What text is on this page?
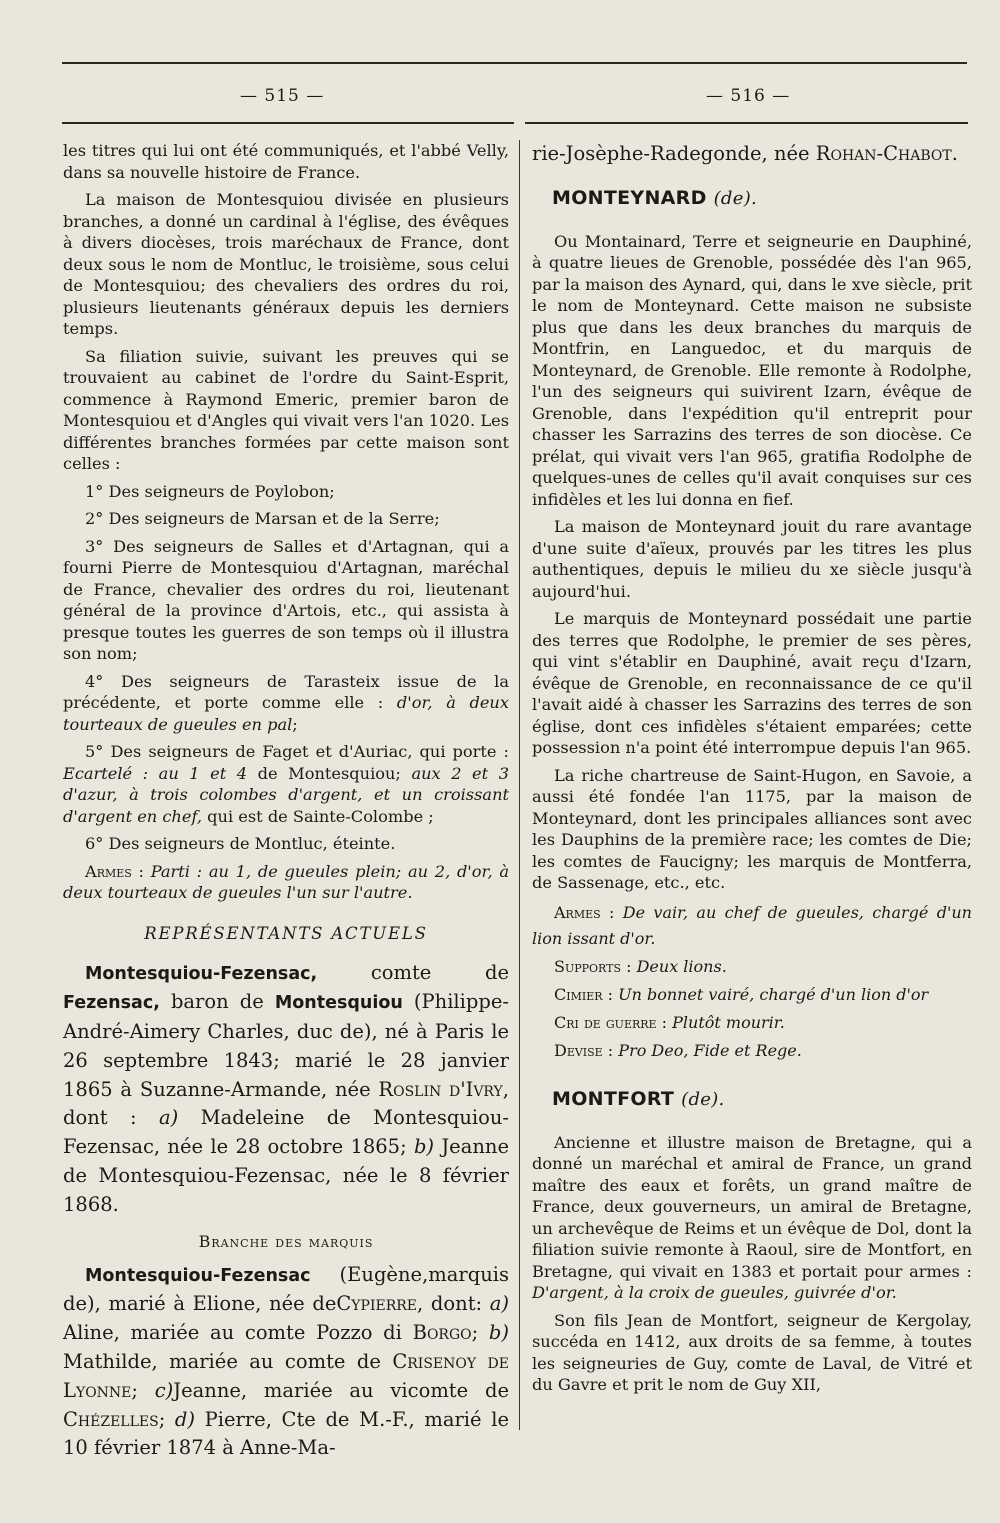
— 515 —	— 516 —

les titres qui lui ont été communiqués, et l'abbé Velly, dans sa nouvelle histoire de France.

La maison de Montesquiou divisée en plusieurs branches, a donné un cardinal à l'église, des évêques à divers diocèses, trois maréchaux de France, dont deux sous le nom de Montluc, le troisième, sous celui de Montesquiou; des chevaliers des ordres du roi, plusieurs lieutenants généraux depuis les derniers temps.

Sa filiation suivie, suivant les preuves qui se trouvaient au cabinet de l'ordre du Saint-Esprit, commence à Raymond Emeric, premier baron de Montesquiou et d'Angles qui vivait vers l'an 1020. Les différentes branches formées par cette maison sont celles :

1° Des seigneurs de Poylobon;

2° Des seigneurs de Marsan et de la Serre;

3° Des seigneurs de Salles et d'Artagnan, qui a fourni Pierre de Montesquiou d'Artagnan, maréchal de France, chevalier des ordres du roi, lieutenant général de la province d'Artois, etc., qui assista à presque toutes les guerres de son temps où il illustra son nom;

4° Des seigneurs de Tarasteix issue de la précédente, et porte comme elle : d'or, à deux tourteaux de gueules en pal;

5° Des seigneurs de Faget et d'Auriac, qui porte : Ecartelé : au 1 et 4 de Montesquiou; aux 2 et 3 d'azur, à trois colombes d'argent, et un croissant d'argent en chef, qui est de Sainte-Colombe ;

6° Des seigneurs de Montluc, éteinte.

Armes : Parti : au 1, de gueules plein; au 2, d'or, à deux tourteaux de gueules l'un sur l'autre.

REPRÉSENTANTS ACTUELS

Montesquiou-Fezensac,	comte de Fezensac, baron de Montesquiou (Philippe-André-Aimery Charles, duc de), né à Paris le 26 septembre 1843; marié le 28 janvier 1865 à Suzanne-Armande, née Roslin d'Ivry, dont : a) Madeleine de Montesquiou-Fezensac, née le 28 octobre 1865; b) Jeanne de Montesquiou-Fezensac, née le 8 février 1868.

Branche des marquis

Montesquiou-Fezensac (Eugène,marquis de), marié à Elione, née deCypierre, dont: a) Aline, mariée au comte Pozzo di Borgo; b) Mathilde, mariée au comte de Crisenoy de Lyonne; c)Jeanne, mariée au vicomte de Chézelles; d) Pierre, Cte de M.-F., marié le 10 février 1874 à Anne-Ma-

rie-Josèphe-Radegonde, née Rohan-Chabot.

MONTEYNARD (de).

Ou Montainard, Terre et seigneurie en Dauphiné, à quatre lieues de Grenoble, possédée dès l'an 965, par la maison des Aynard, qui, dans le xve siècle, prit le nom de Monteynard. Cette maison ne subsiste plus que dans les deux branches du marquis de Montfrin, en Languedoc, et du marquis de Monteynard, de Grenoble. Elle remonte à Rodolphe, l'un des seigneurs qui suivirent Izarn, évêque de Grenoble, dans l'expédition qu'il entreprit pour chasser les Sarrazins des terres de son diocèse. Ce prélat, qui vivait vers l'an 965, gratifia Rodolphe de quelques-unes de celles qu'il avait conquises sur ces infidèles et les lui donna en fief.

La maison de Monteynard jouit du rare avantage d'une suite d'aïeux, prouvés par les titres les plus authentiques, depuis le milieu du xe siècle jusqu'à aujourd'hui.

Le marquis de Monteynard possédait une partie des terres que Rodolphe, le premier de ses pères, qui vint s'établir en Dauphiné, avait reçu d'Izarn, évêque de Grenoble, en reconnaissance de ce qu'il l'avait aidé à chasser les Sarrazins des terres de son église, dont ces infidèles s'étaient emparées; cette possession n'a point été interrompue depuis l'an 965.

La riche chartreuse de Saint-Hugon, en Savoie, a aussi été fondée l'an 1175, par la maison de Monteynard, dont les principales alliances sont avec les Dauphins de la première race; les comtes de Die; les comtes de Faucigny; les marquis de Montferra, de Sassenage, etc., etc.

Armes : De vair, au chef de gueules, chargé d'un lion issant d'or.

Supports : Deux lions.

Cimier : Un bonnet vairé, chargé d'un lion d'or

Cri de guerre : Plutôt mourir.

Devise : Pro Deo, Fide et Rege.

MONTFORT (de).

Ancienne et illustre maison de Bretagne, qui a donné un maréchal et amiral de France, un grand maître des eaux et forêts, un grand maître de France, deux gouverneurs, un amiral de Bretagne, un archevêque de Reims et un évêque de Dol, dont la filiation suivie remonte à Raoul, sire de Montfort, en Bretagne, qui vivait en 1383 et portait pour armes : D'argent, à la croix de gueules, guivrée d'or.

Son fils Jean de Montfort, seigneur de Kergolay, succéda en 1412, aux droits de sa femme, à toutes les seigneuries de Guy, comte de Laval, de Vitré et du Gavre et prit le nom de Guy XII,
